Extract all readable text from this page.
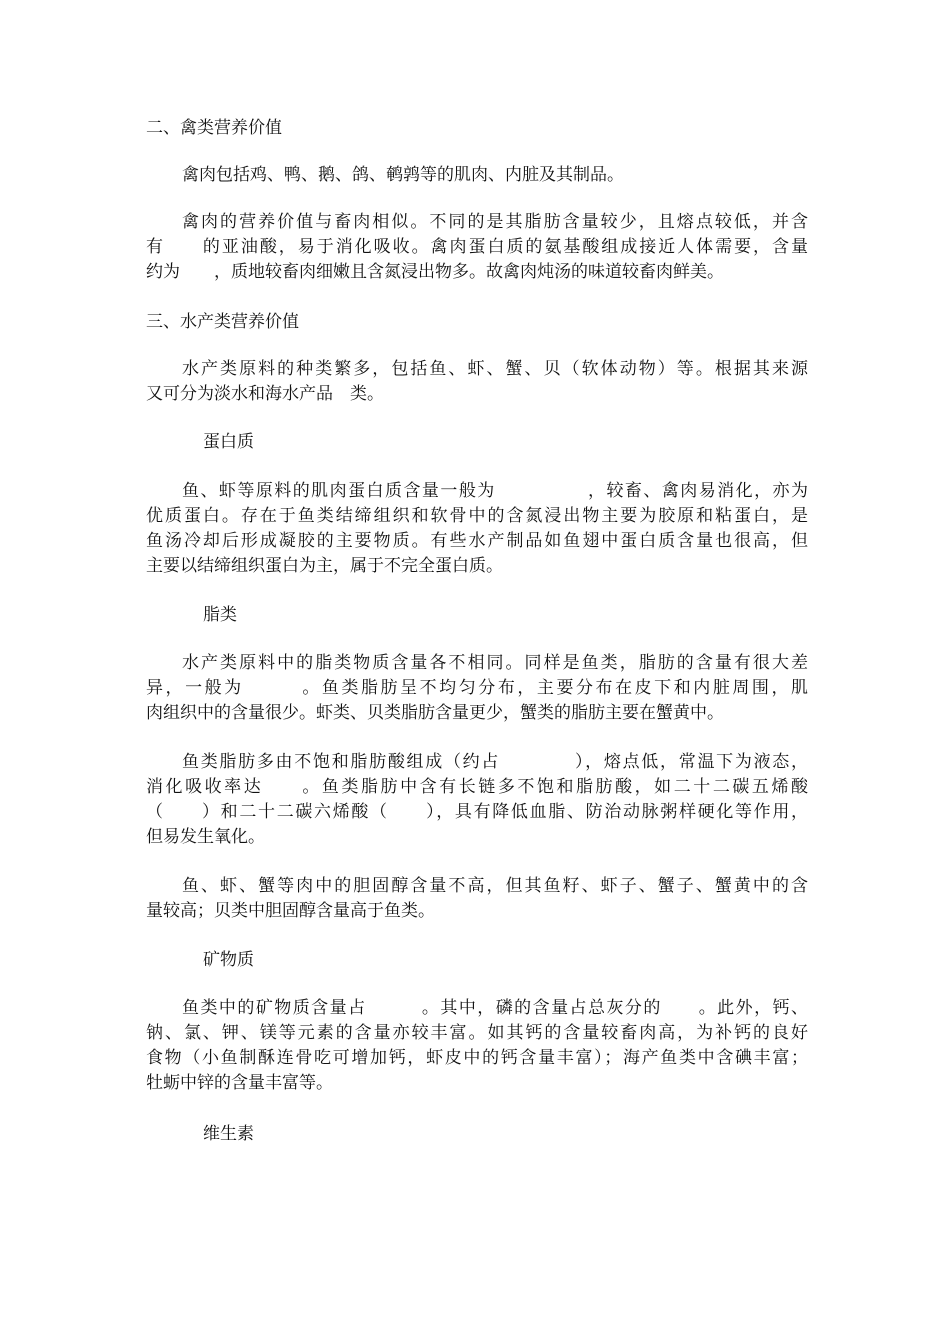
二、禽类营养价值
禽肉包括鸡、鸭、鹅、鸽、鹌鹑等的肌肉、内脏及其制品。
禽肉的营养价值与畜肉相似。不同的是其脂肪含量较少，且熔点较低，并含
有　　的亚油酸，易于消化吸收。禽肉蛋白质的氨基酸组成接近人体需要，含量
约为　　，质地较畜肉细嫩且含氮浸出物多。故禽肉炖汤的味道较畜肉鲜美。
三、水产类营养价值
水产类原料的种类繁多，包括鱼、虾、蟹、贝（软体动物）等。根据其来源
又可分为淡水和海水产品　类。
蛋白质
鱼、虾等原料的肌肉蛋白质含量一般为　　　　　，较畜、禽肉易消化，亦为
优质蛋白。存在于鱼类结缔组织和软骨中的含氮浸出物主要为胶原和粘蛋白，是
鱼汤冷却后形成凝胶的主要物质。有些水产制品如鱼翅中蛋白质含量也很高，但
主要以结缔组织蛋白为主，属于不完全蛋白质。
脂类
水产类原料中的脂类物质含量各不相同。同样是鱼类，脂肪的含量有很大差
异，一般为　　　。鱼类脂肪呈不均匀分布，主要分布在皮下和内脏周围，肌
肉组织中的含量很少。虾类、贝类脂肪含量更少，蟹类的脂肪主要在蟹黄中。
鱼类脂肪多由不饱和脂肪酸组成（约占　　　　），熔点低，常温下为液态，
消化吸收率达　　。鱼类脂肪中含有长链多不饱和脂肪酸，如二十二碳五烯酸
（　　）和二十二碳六烯酸（　　），具有降低血脂、防治动脉粥样硬化等作用，
但易发生氧化。
鱼、虾、蟹等肉中的胆固醇含量不高，但其鱼籽、虾子、蟹子、蟹黄中的含
量较高；贝类中胆固醇含量高于鱼类。
矿物质
鱼类中的矿物质含量占　　　。其中，磷的含量占总灰分的　　。此外，钙、
钠、氯、钾、镁等元素的含量亦较丰富。如其钙的含量较畜肉高，为补钙的良好
食物（小鱼制酥连骨吃可增加钙，虾皮中的钙含量丰富）；海产鱼类中含碘丰富；
牡蛎中锌的含量丰富等。
维生素
